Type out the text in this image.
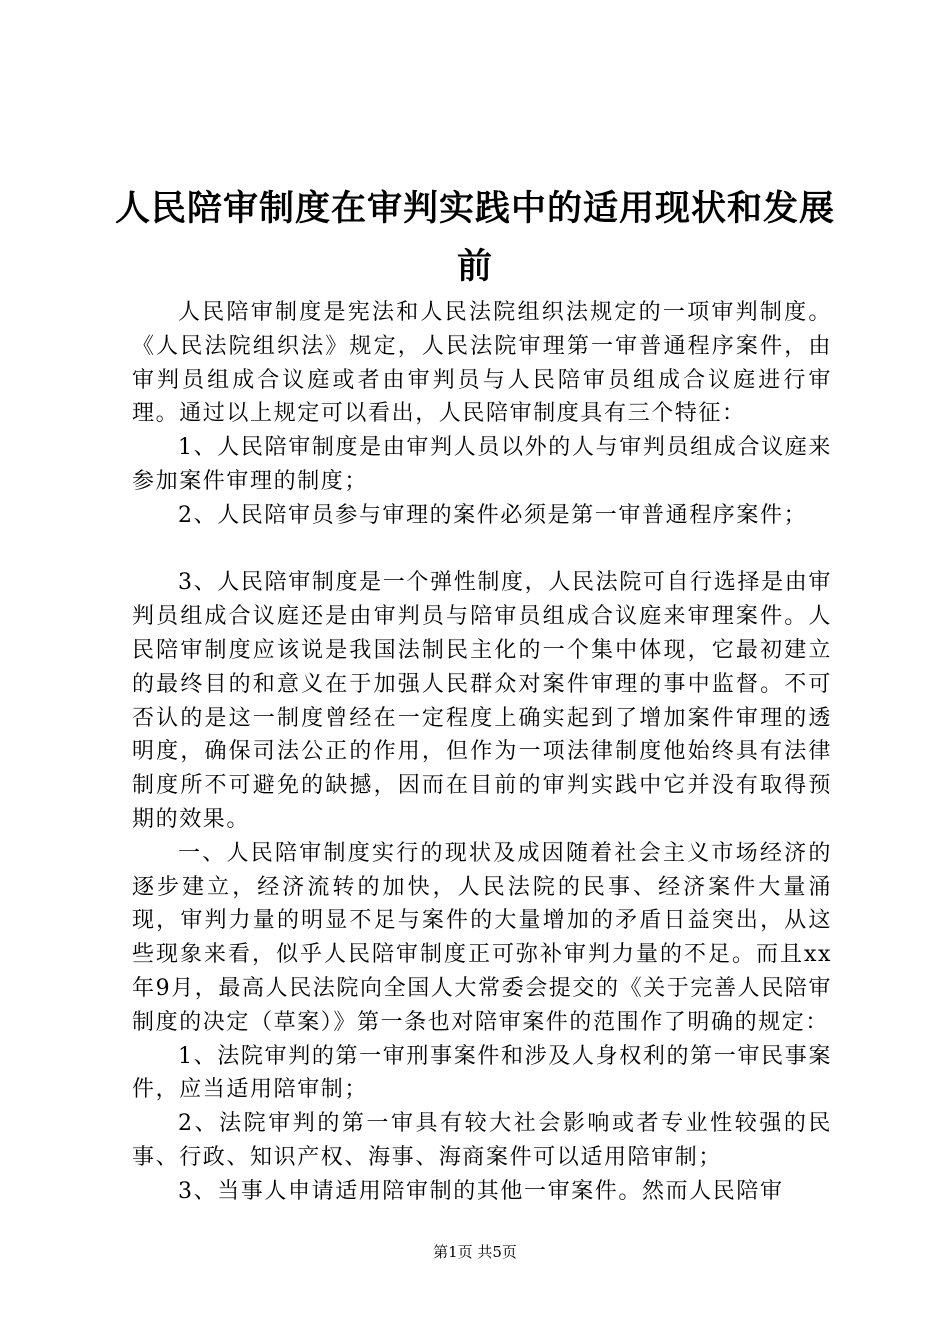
人民陪审制度在审判实践中的适用现状和发展
前

人民陪审制度是宪法和人民法院组织法规定的一项审判制度。《人民法院组织法》规定，人民法院审理第一审普通程序案件，由审判员组成合议庭或者由审判员与人民陪审员组成合议庭进行审理。通过以上规定可以看出，人民陪审制度具有三个特征：

1、人民陪审制度是由审判人员以外的人与审判员组成合议庭来参加案件审理的制度；

2、人民陪审员参与审理的案件必须是第一审普通程序案件；

3、人民陪审制度是一个弹性制度，人民法院可自行选择是由审判员组成合议庭还是由审判员与陪审员组成合议庭来审理案件。人民陪审制度应该说是我国法制民主化的一个集中体现，它最初建立的最终目的和意义在于加强人民群众对案件审理的事中监督。不可否认的是这一制度曾经在一定程度上确实起到了增加案件审理的透明度，确保司法公正的作用，但作为一项法律制度他始终具有法律制度所不可避免的缺撼，因而在目前的审判实践中它并没有取得预期的效果。

一、人民陪审制度实行的现状及成因随着社会主义市场经济的逐步建立，经济流转的加快，人民法院的民事、经济案件大量涌现，审判力量的明显不足与案件的大量增加的矛盾日益突出，从这些现象来看，似乎人民陪审制度正可弥补审判力量的不足。而且xx年9月，最高人民法院向全国人大常委会提交的《关于完善人民陪审制度的决定（草案）》第一条也对陪审案件的范围作了明确的规定：

1、法院审判的第一审刑事案件和涉及人身权利的第一审民事案件，应当适用陪审制；

2、法院审判的第一审具有较大社会影响或者专业性较强的民事、行政、知识产权、海事、海商案件可以适用陪审制；

3、当事人申请适用陪审制的其他一审案件。然而人民陪审

第1页 共5页
